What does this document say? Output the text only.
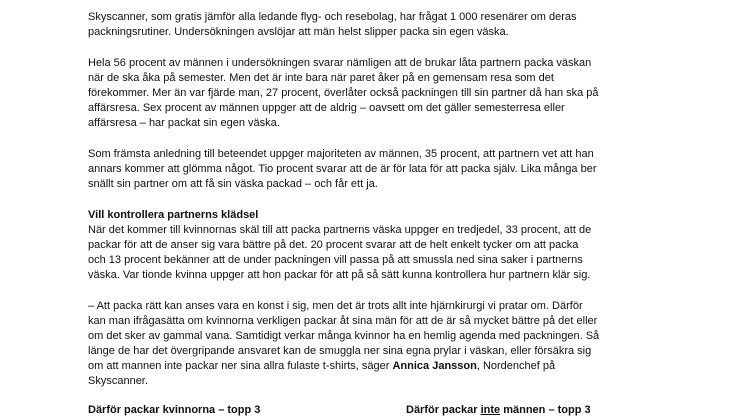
Skyscanner, som gratis jämför alla ledande flyg- och resebolag, har frågat 1 000 resenärer om deras
packningsrutiner. Undersökningen avslöjar att män helst slipper packa sin egen väska.

Hela 56 procent av männen i undersökningen svarar nämligen att de brukar låta partnern packa väskan
när de ska åka på semester. Men det är inte bara när paret åker på en gemensam resa som det
förekommer. Mer än var fjärde man, 27 procent, överlåter också packningen till sin partner då han ska på
affärsresa. Sex procent av männen uppger att de aldrig – oavsett om det gäller semesterresa eller
affärsresa – har packat sin egen väska.

Som främsta anledning till beteendet uppger majoriteten av männen, 35 procent, att partnern vet att han
annars kommer att glömma något. Tio procent svarar att de är för lata för att packa själv. Lika många ber
snällt sin partner om att få sin väska packad – och får ett ja.

Vill kontrollera partnerns klädsel
När det kommer till kvinnornas skäl till att packa partnerns väska uppger en tredjedel, 33 procent, att de
packar för att de anser sig vara bättre på det. 20 procent svarar att de helt enkelt tycker om att packa
och 13 procent bekänner att de under packningen vill passa på att smussla ned sina saker i partnerns
väska. Var tionde kvinna uppger att hon packar för att på så sätt kunna kontrollera hur partnern klär sig.

– Att packa rätt kan anses vara en konst i sig, men det är trots allt inte hjärnkirurgi vi pratar om. Därför
kan man ifrågasätta om kvinnorna verkligen packar åt sina män för att de är så mycket bättre på det eller
om det sker av gammal vana. Samtidigt verkar många kvinnor ha en hemlig agenda med packningen. Så
länge de har det övergripande ansvaret kan de smuggla ner sina egna prylar i väskan, eller försäkra sig
om att mannen inte packar ner sina allra fulaste t-shirts, säger Annica Jansson, Nordenchef på
Skyscanner.

Därför packar kvinnorna – topp 3	Därför packar inte männen – topp 3
